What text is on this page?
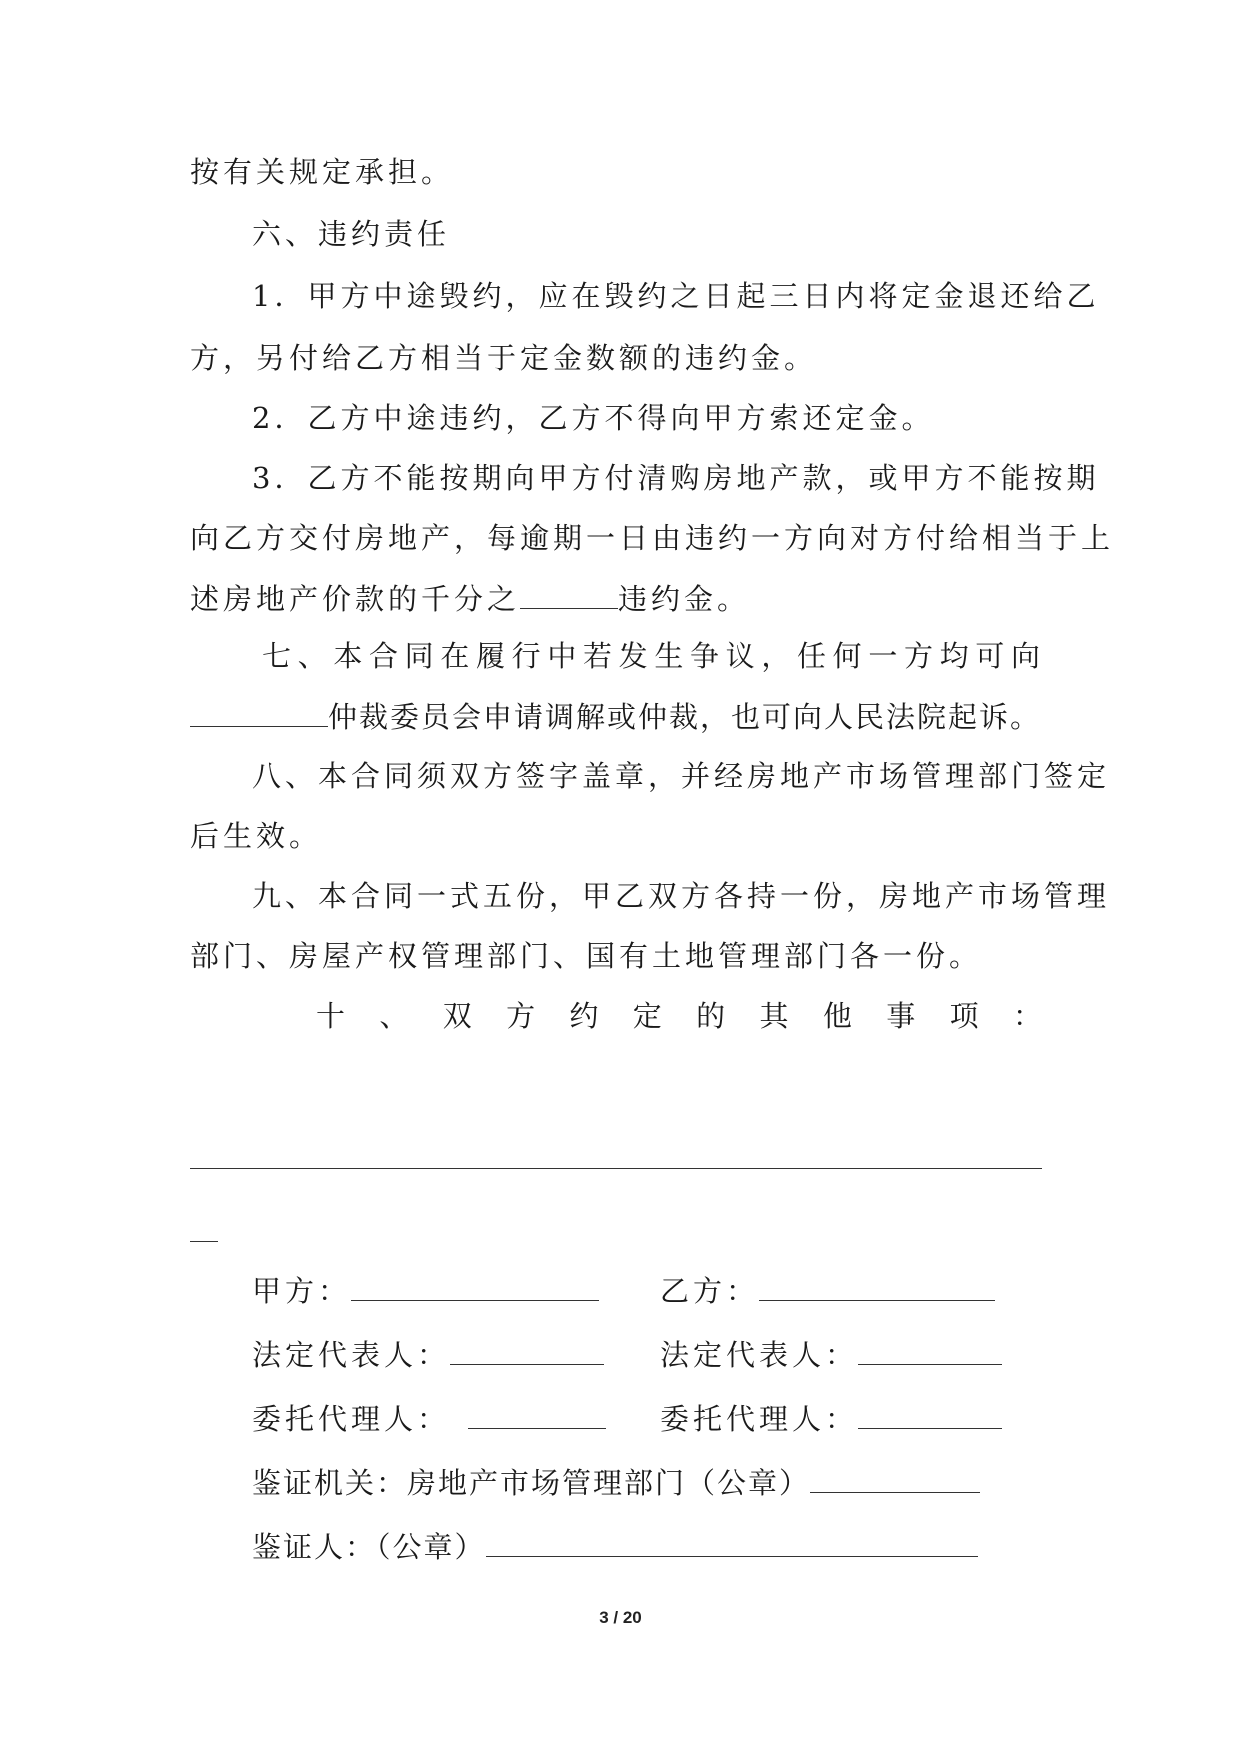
按有关规定承担。
六、违约责任
1．甲方中途毁约，应在毁约之日起三日内将定金退还给乙
方，另付给乙方相当于定金数额的违约金。
2．乙方中途违约，乙方不得向甲方索还定金。
3．乙方不能按期向甲方付清购房地产款，或甲方不能按期
向乙方交付房地产，每逾期一日由违约一方向对方付给相当于上
述房地产价款的千分之	违约金。
七、本合同在履行中若发生争议，任何一方均可向
仲裁委员会申请调解或仲裁，也可向人民法院起诉。
八、本合同须双方签字盖章，并经房地产市场管理部门签定
后生效。
九、本合同一式五份，甲乙双方各持一份，房地产市场管理
部门、房屋产权管理部门、国有土地管理部门各一份。
十、双方约定的其他事项：
甲方：	乙方：
法定代表人：	法定代表人：
委托代理人：	委托代理人：
鉴证机关：房地产市场管理部门（公章）
鉴证人：（公章）
3 / 20
